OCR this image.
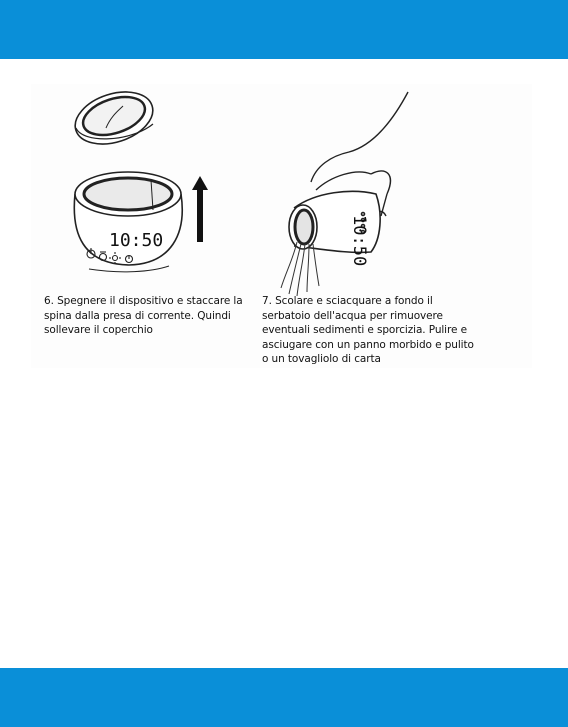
10:50	10:50

6. Spegnere il dispositivo e staccare la

spina dalla presa di corrente. Quindi

sollevare il coperchio

7. Scolare e sciacquare a fondo il

serbatoio dell'acqua per rimuovere

eventuali sedimenti e sporcizia. Pulire e

asciugare con un panno morbido e pulito

o un tovagliolo di carta
